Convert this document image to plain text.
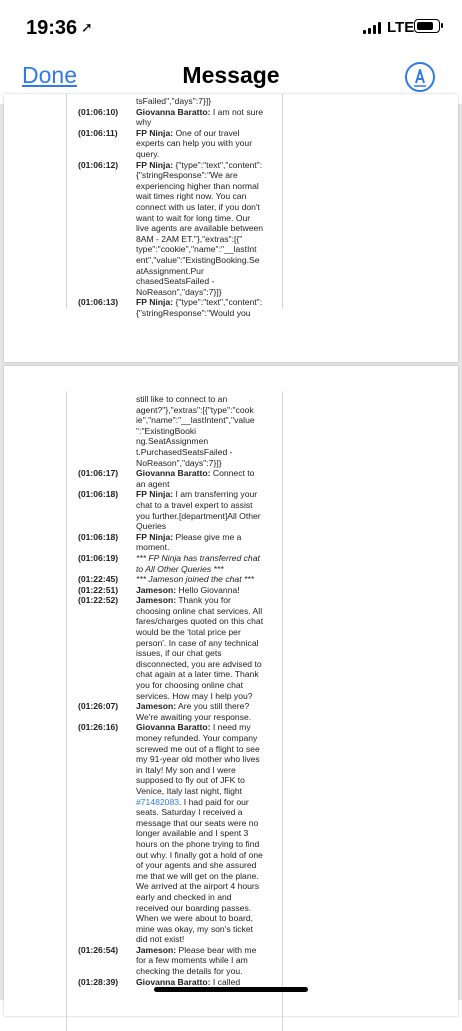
19:36 ➚	LTE
Done	Message
tsFailed","days":7}]}
(01:06:10) Giovanna Baratto: I am not sure
why
(01:06:11) FP Ninja: One of our travel
experts can help you with your
query.
(01:06:12) FP Ninja: {"type":"text","content":
{"stringResponse":"We are
experiencing higher than normal
wait times right now. You can
connect with us later, if you don't
want to wait for long time. Our
live agents are available between
8AM - 2AM ET."},"extras":[{"
type":"cookie","name":"__lastInt
ent","value":"ExistingBooking.Se
atAssignment.Pur
chasedSeatsFailed -
NoReason","days":7}]}
(01:06:13) FP Ninja: {"type":"text","content":
{"stringResponse":"Would you
still like to connect to an
agent?"},"extras":[{"type":"cook
ie","name":"__lastIntent","value
":"ExistingBooki
ng.SeatAssignmen
t.PurchasedSeatsFailed -
NoReason","days":7}]}
(01:06:17) Giovanna Baratto: Connect to
an agent
(01:06:18) FP Ninja: I am transferring your
chat to a travel expert to assist
you further.[department]All Other
Queries
(01:06:18) FP Ninja: Please give me a
moment.
(01:06:19) *** FP Ninja has transferred chat
to All Other Queries ***
(01:22:45) *** Jameson joined the chat ***
(01:22:51) Jameson: Hello Giovanna!
(01:22:52) Jameson: Thank you for
choosing online chat services. All
fares/charges quoted on this chat
would be the 'total price per
person'. In case of any technical
issues, if our chat gets
disconnected, you are advised to
chat again at a later time. Thank
you for choosing online chat
services. How may I help you?
(01:26:07) Jameson: Are you still there?
We're awaiting your response.
(01:26:16) Giovanna Baratto: I need my
money refunded. Your company
screwed me out of a flight to see
my 91-year old mother who lives
in Italy! My son and I were
supposed to fly out of JFK to
Venice, Italy last night, flight
#71482083. I had paid for our
seats. Saturday I received a
message that our seats were no
longer available and I spent 3
hours on the phone trying to find
out why. I finally got a hold of one
of your agents and she assured
me that we will get on the plane.
We arrived at the airport 4 hours
early and checked in and
received our boarding passes.
When we were about to board,
mine was okay, my son's ticket
did not exist!
(01:26:54) Jameson: Please bear with me
for a few moments while I am
checking the details for you.
(01:28:39) Giovanna Baratto: I called
